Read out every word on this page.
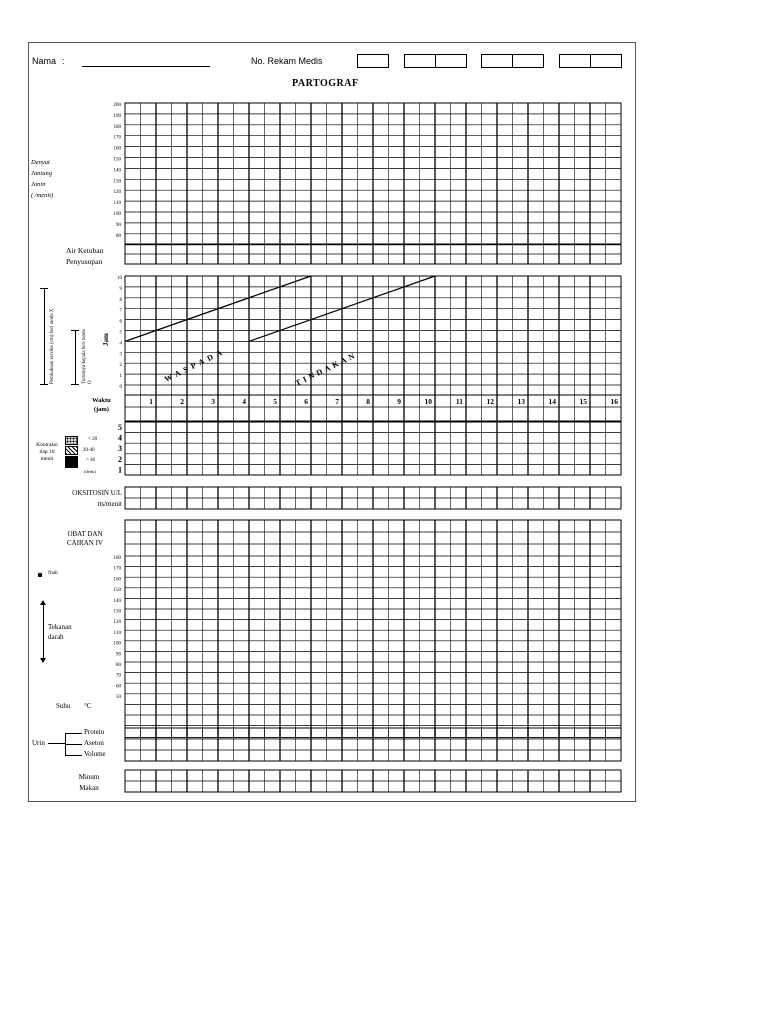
Nama :	No. Rekam Medis
PARTOGRAF
Denyut
Jantung
Janin
( /menit)
Air Ketuban
Penyusupan
Pembukaan serviks (cm) beri tanda X	Turunnya kepala beri tanda O
Jam
Waktu
(jam)
< 20
20-40
> 40
(detik)
Kontraksi
tiap 10
menit
OKSITOSIN U/L
tts/menit
OBAT DAN
CAIRAN IV
Nadi
Tekanan
darah
Suhu °C
Urin
Protein
Aseton
Volume
Minum
Makan
200
190
180
170
160
150
140
130
120
110
100
90
80
10
9
8
7
6
5
4
3
2
1
0
1	2	3	4	5	6	7	8	9	10	11	12	13	14	15	16
WASPADA	TINDAKAN
5
4
3
2
1
180
170
160
150
140
130
120
110
100
90
80
70
60
50
